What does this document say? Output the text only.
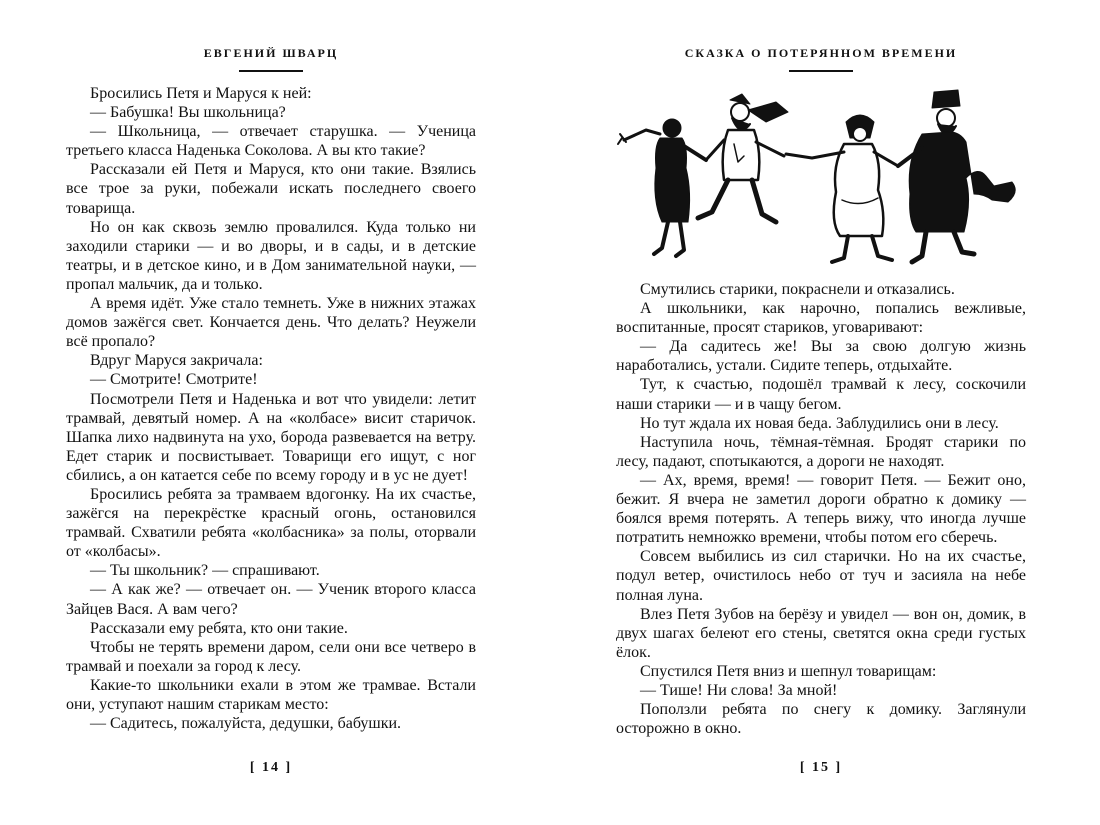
ЕВГЕНИЙ ШВАРЦ

Бросились Петя и Маруся к ней:

— Бабушка! Вы школьница?

— Школьница, — отвечает старушка. — Ученица третьего класса Наденька Соколова. А вы кто такие?

Рассказали ей Петя и Маруся, кто они такие. Взялись все трое за руки, побежали искать последнего своего товарища.

Но он как сквозь землю провалился. Куда только ни заходили старики — и во дворы, и в сады, и в детские театры, и в детское кино, и в Дом занимательной науки, — пропал мальчик, да и только.

А время идёт. Уже стало темнеть. Уже в нижних этажах домов зажёгся свет. Кончается день. Что делать? Неужели всё пропало?

Вдруг Маруся закричала:

— Смотрите! Смотрите!

Посмотрели Петя и Наденька и вот что увидели: летит трамвай, девятый номер. А на «колбасе» висит старичок. Шапка лихо надвинута на ухо, борода развевается на ветру. Едет старик и посвистывает. Товарищи его ищут, с ног сбились, а он катается себе по всему городу и в ус не дует!

Бросились ребята за трамваем вдогонку. На их счастье, зажёгся на перекрёстке красный огонь, остановился трамвай. Схватили ребята «колбасника» за полы, оторвали от «колбасы».

— Ты школьник? — спрашивают.

— А как же? — отвечает он. — Ученик второго класса Зайцев Вася. А вам чего?

Рассказали ему ребята, кто они такие.

Чтобы не терять времени даром, сели они все четверо в трамвай и поехали за город к лесу.

Какие-то школьники ехали в этом же трамвае. Встали они, уступают нашим старикам место:

— Садитесь, пожалуйста, дедушки, бабушки.

[ 14 ]
СКАЗКА О ПОТЕРЯННОМ ВРЕМЕНИ

Смутились старики, покраснели и отказались.

А школьники, как нарочно, попались вежливые, воспитанные, просят стариков, уговаривают:

— Да садитесь же! Вы за свою долгую жизнь наработались, устали. Сидите теперь, отдыхайте.

Тут, к счастью, подошёл трамвай к лесу, соскочили наши старики — и в чащу бегом.

Но тут ждала их новая беда. Заблудились они в лесу.

Наступила ночь, тёмная-тёмная. Бродят старики по лесу, падают, спотыкаются, а дороги не находят.

— Ах, время, время! — говорит Петя. — Бежит оно, бежит. Я вчера не заметил дороги обратно к домику — боялся время потерять. А теперь вижу, что иногда лучше потратить немножко времени, чтобы потом его сберечь.

Совсем выбились из сил старички. Но на их счастье, подул ветер, очистилось небо от туч и засияла на небе полная луна.

Влез Петя Зубов на берёзу и увидел — вон он, домик, в двух шагах белеют его стены, светятся окна среди густых ёлок.

Спустился Петя вниз и шепнул товарищам:

— Тише! Ни слова! За мной!

Поползли ребята по снегу к домику. Заглянули осторожно в окно.

[ 15 ]
